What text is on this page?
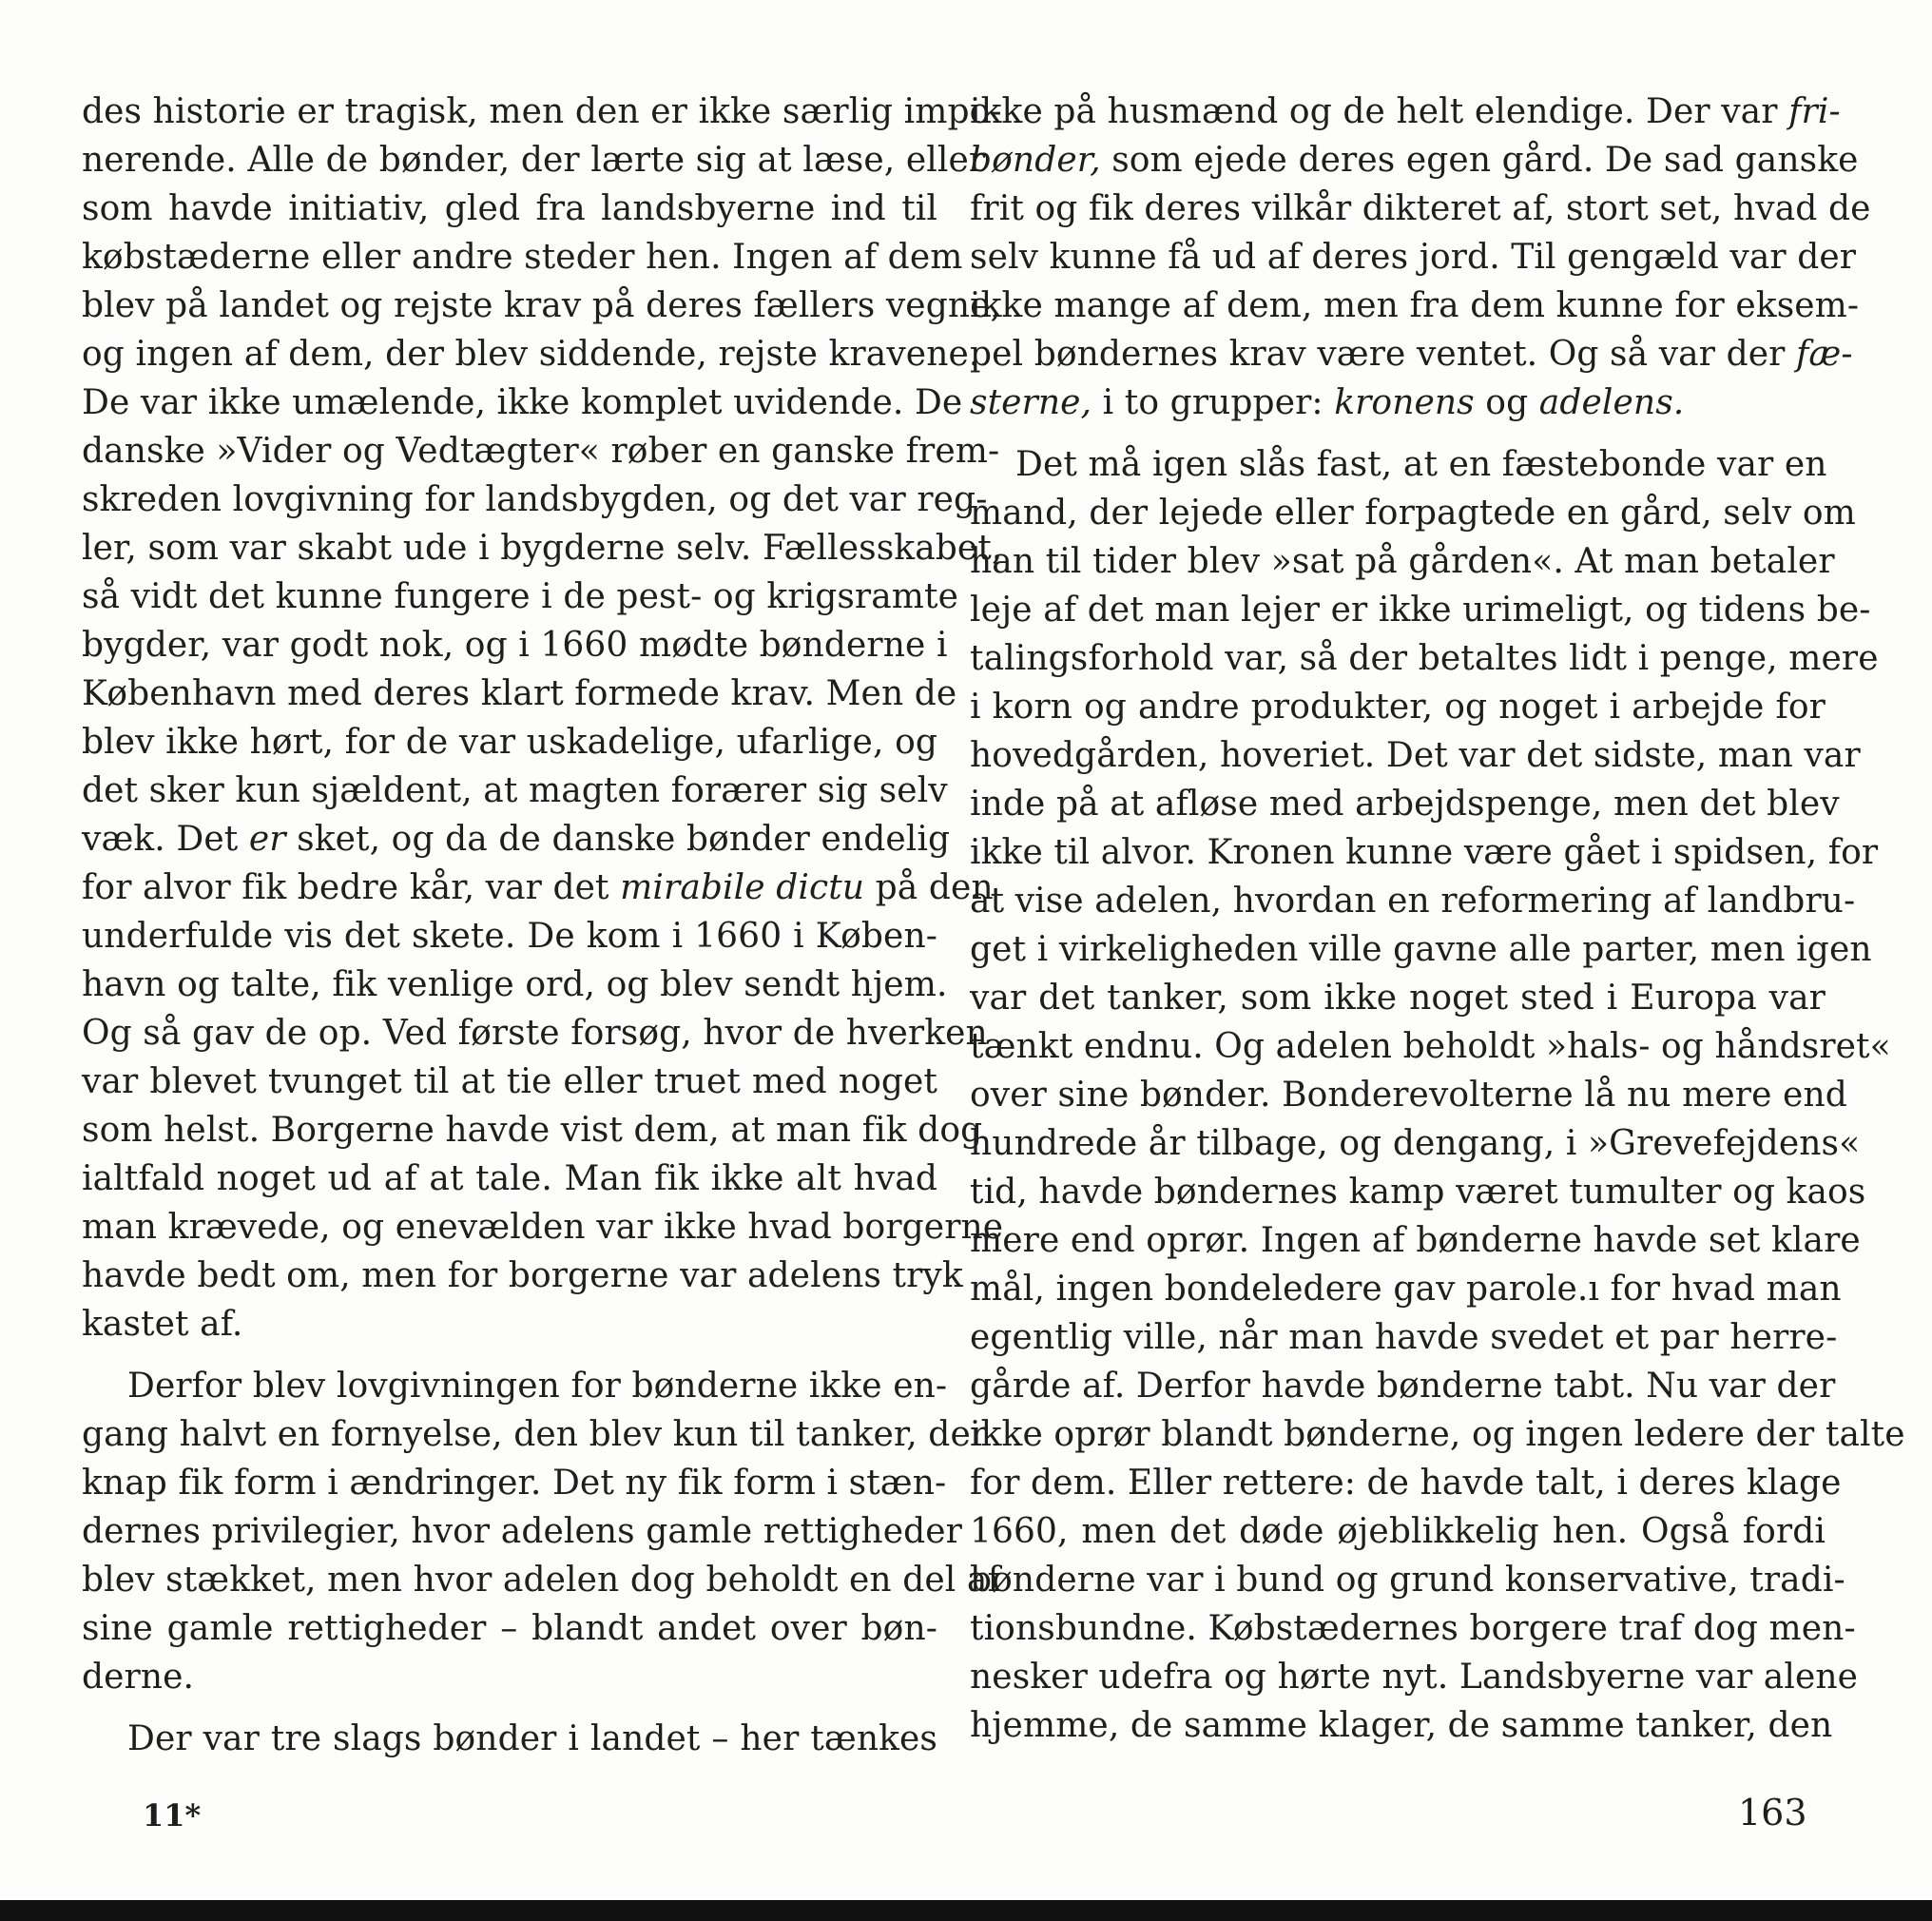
des historie er tragisk, men den er ikke særlig impo-
nerende. Alle de bønder, der lærte sig at læse, eller
som havde initiativ, gled fra landsbyerne ind til
købstæderne eller andre steder hen. Ingen af dem
blev på landet og rejste krav på deres fællers vegne,
og ingen af dem, der blev siddende, rejste kravene.
De var ikke umælende, ikke komplet uvidende. De
danske »Vider og Vedtægter« røber en ganske frem-
skreden lovgivning for landsbygden, og det var reg-
ler, som var skabt ude i bygderne selv. Fællesskabet,
så vidt det kunne fungere i de pest- og krigsramte
bygder, var godt nok, og i 1660 mødte bønderne i
København med deres klart formede krav. Men de
blev ikke hørt, for de var uskadelige, ufarlige, og
det sker kun sjældent, at magten forærer sig selv
væk. Det er sket, og da de danske bønder endelig
for alvor fik bedre kår, var det mirabile dictu på den
underfulde vis det skete. De kom i 1660 i Køben-
havn og talte, fik venlige ord, og blev sendt hjem.
Og så gav de op. Ved første forsøg, hvor de hverken
var blevet tvunget til at tie eller truet med noget
som helst. Borgerne havde vist dem, at man fik dog
ialtfald noget ud af at tale. Man fik ikke alt hvad
man krævede, og enevælden var ikke hvad borgerne
havde bedt om, men for borgerne var adelens tryk
kastet af.
Derfor blev lovgivningen for bønderne ikke en-
gang halvt en fornyelse, den blev kun til tanker, der
knap fik form i ændringer. Det ny fik form i stæn-
dernes privilegier, hvor adelens gamle rettigheder
blev stækket, men hvor adelen dog beholdt en del af
sine gamle rettigheder – blandt andet over bøn-
derne.
Der var tre slags bønder i landet – her tænkes
ikke på husmænd og de helt elendige. Der var fri-
bønder, som ejede deres egen gård. De sad ganske
frit og fik deres vilkår dikteret af, stort set, hvad de
selv kunne få ud af deres jord. Til gengæld var der
ikke mange af dem, men fra dem kunne for eksem-
pel bøndernes krav være ventet. Og så var der fæ-
sterne, i to grupper: kronens og adelens.
Det må igen slås fast, at en fæstebonde var en
mand, der lejede eller forpagtede en gård, selv om
han til tider blev »sat på gården«. At man betaler
leje af det man lejer er ikke urimeligt, og tidens be-
talingsforhold var, så der betaltes lidt i penge, mere
i korn og andre produkter, og noget i arbejde for
hovedgården, hoveriet. Det var det sidste, man var
inde på at afløse med arbejdspenge, men det blev
ikke til alvor. Kronen kunne være gået i spidsen, for
at vise adelen, hvordan en reformering af landbru-
get i virkeligheden ville gavne alle parter, men igen
var det tanker, som ikke noget sted i Europa var
tænkt endnu. Og adelen beholdt »hals- og håndsret«
over sine bønder. Bonderevolterne lå nu mere end
hundrede år tilbage, og dengang, i »Grevefejdens«
tid, havde bøndernes kamp været tumulter og kaos
mere end oprør. Ingen af bønderne havde set klare
mål, ingen bondeledere gav parole.ı for hvad man
egentlig ville, når man havde svedet et par herre-
gårde af. Derfor havde bønderne tabt. Nu var der
ikke oprør blandt bønderne, og ingen ledere der talte
for dem. Eller rettere: de havde talt, i deres klage
1660, men det døde øjeblikkelig hen. Også fordi
bønderne var i bund og grund konservative, tradi-
tionsbundne. Købstædernes borgere traf dog men-
nesker udefra og hørte nyt. Landsbyerne var alene
hjemme, de samme klager, de samme tanker, den
11*	163
